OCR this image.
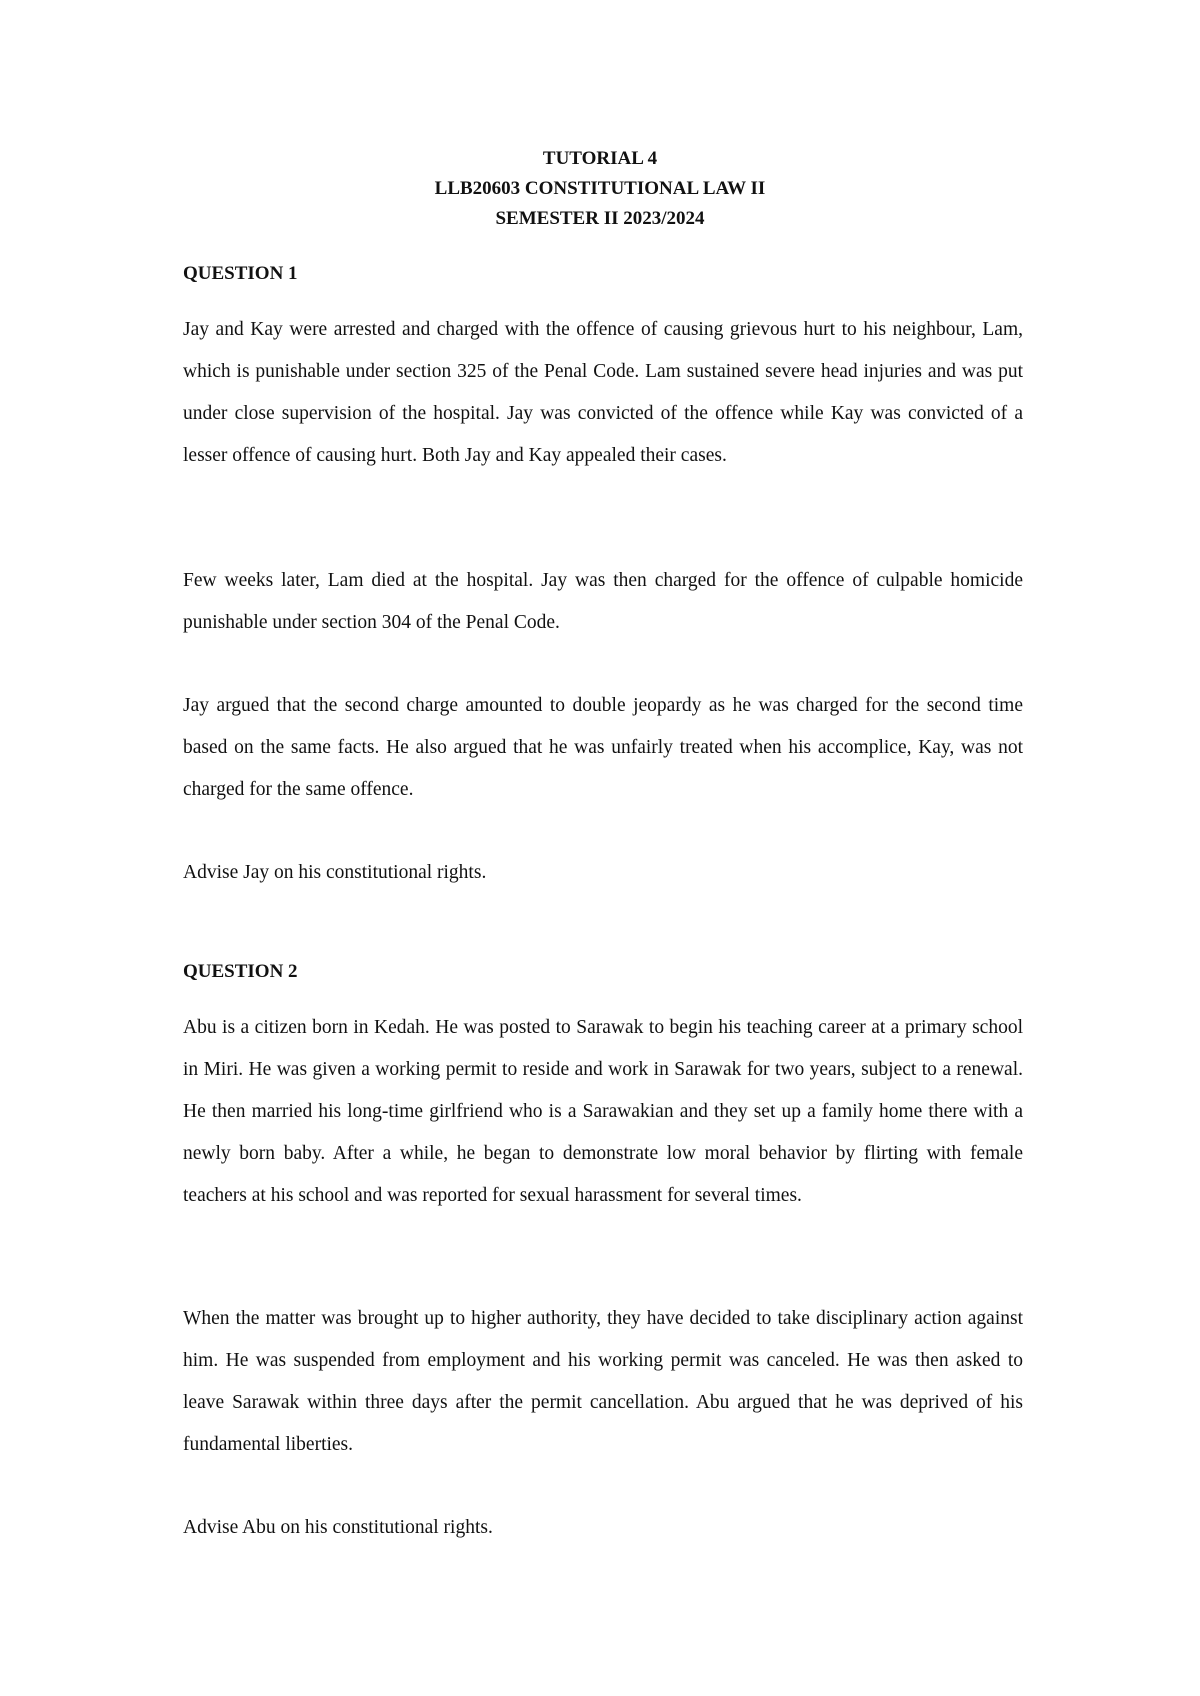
TUTORIAL 4
LLB20603 CONSTITUTIONAL LAW II
SEMESTER II 2023/2024
QUESTION 1
Jay and Kay were arrested and charged with the offence of causing grievous hurt to his neighbour, Lam, which is punishable under section 325 of the Penal Code. Lam sustained severe head injuries and was put under close supervision of the hospital. Jay was convicted of the offence while Kay was convicted of a lesser offence of causing hurt. Both Jay and Kay appealed their cases.
Few weeks later, Lam died at the hospital. Jay was then charged for the offence of culpable homicide punishable under section 304 of the Penal Code.
Jay argued that the second charge amounted to double jeopardy as he was charged for the second time based on the same facts. He also argued that he was unfairly treated when his accomplice, Kay, was not charged for the same offence.
Advise Jay on his constitutional rights.
QUESTION 2
Abu is a citizen born in Kedah. He was posted to Sarawak to begin his teaching career at a primary school in Miri. He was given a working permit to reside and work in Sarawak for two years, subject to a renewal. He then married his long-time girlfriend who is a Sarawakian and they set up a family home there with a newly born baby. After a while, he began to demonstrate low moral behavior by flirting with female teachers at his school and was reported for sexual harassment for several times.
When the matter was brought up to higher authority, they have decided to take disciplinary action against him. He was suspended from employment and his working permit was canceled. He was then asked to leave Sarawak within three days after the permit cancellation. Abu argued that he was deprived of his fundamental liberties.
Advise Abu on his constitutional rights.
